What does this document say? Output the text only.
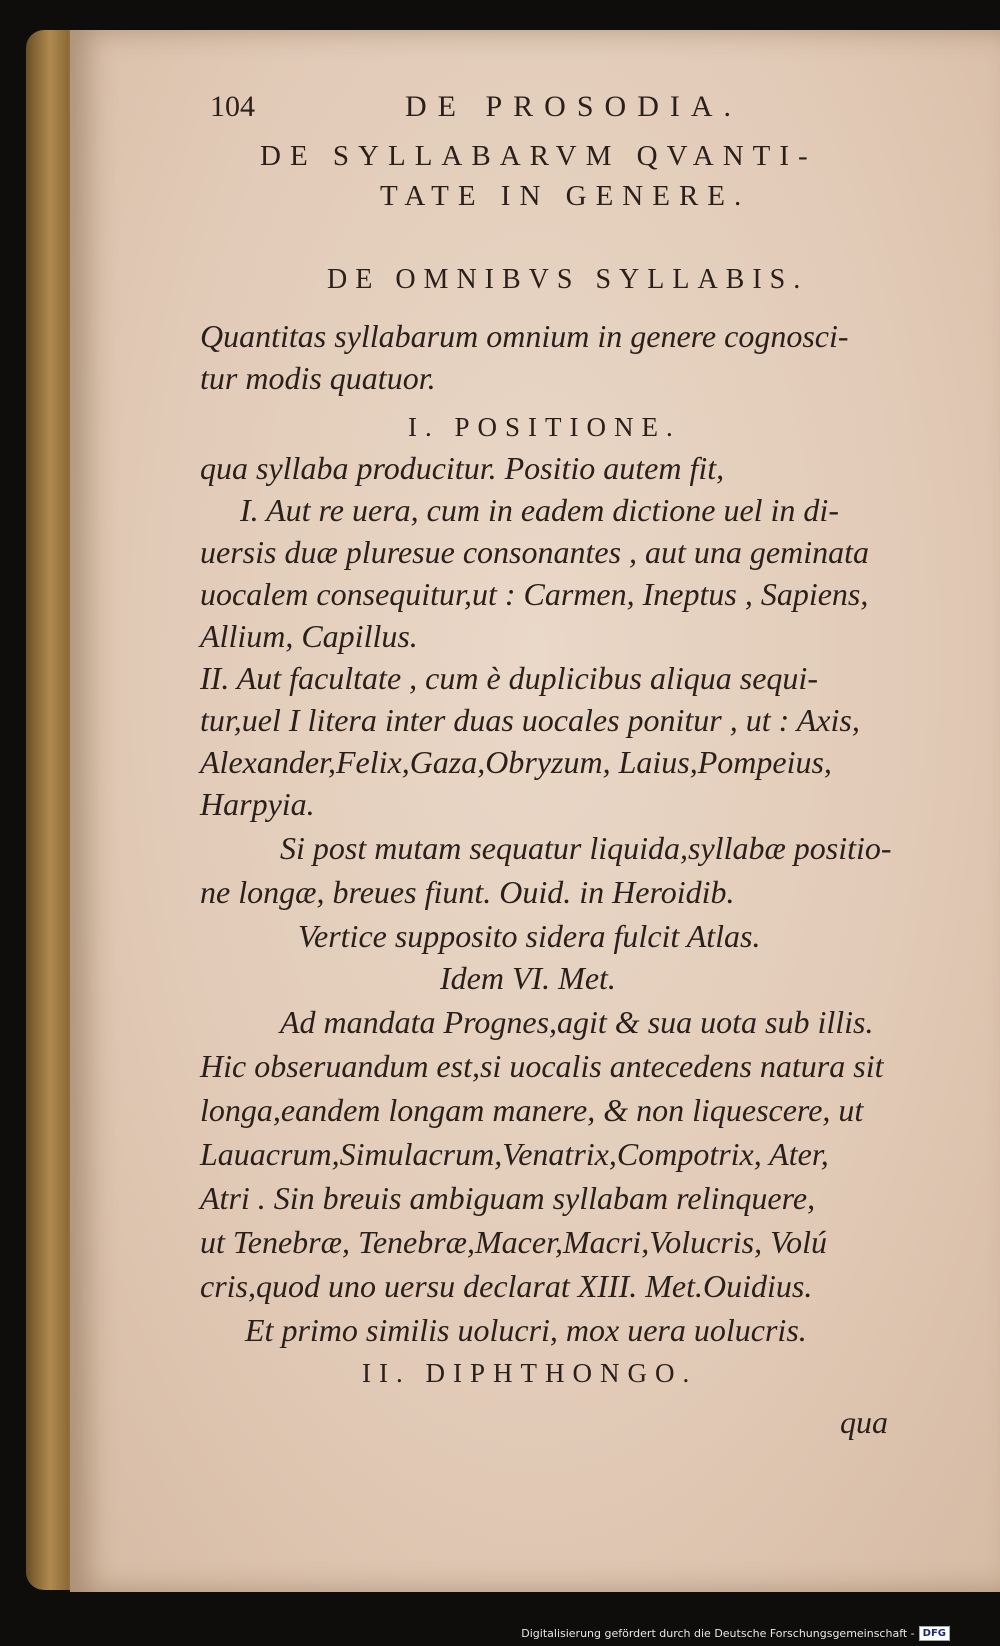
104	DE PROSODIA.
DE SYLLABARVM QVANTI-
TATE IN GENERE.
DE OMNIBVS SYLLABIS.
Quantitas syllabarum omnium in genere cognosci-
tur modis quatuor.
I. POSITIONE.
qua syllaba producitur. Positio autem fit,
I. Aut re uera, cum in eadem dictione uel in di-
uersis duæ pluresue consonantes , aut una geminata
uocalem consequitur,ut : Carmen, Ineptus , Sapiens,
Allium, Capillus.
II. Aut facultate , cum è duplicibus aliqua sequi-
tur,uel I litera inter duas uocales ponitur , ut : Axis,
Alexander,Felix,Gaza,Obryzum, Laius,Pompeius,
Harpyia.
Si post mutam sequatur liquida,syllabæ positio-
ne longæ, breues fiunt. Ouid. in Heroidib.
Vertice supposito sidera fulcit Atlas.
Idem VI. Met.
Ad mandata Prognes,agit & sua uota sub illis.
Hic obseruandum est,si uocalis antecedens natura sit
longa,eandem longam manere, & non liquescere, ut
Lauacrum,Simulacrum,Venatrix,Compotrix, Ater,
Atri . Sin breuis ambiguam syllabam relinquere,
ut Tenebræ, Tenebræ,Macer,Macri,Volucris, Volú
cris,quod uno uersu declarat XIII. Met.Ouidius.
Et primo similis uolucri, mox uera uolucris.
II. DIPHTHONGO.
qua
Digitalisierung gefördert durch die Deutsche Forschungsgemeinschaft - DFG
